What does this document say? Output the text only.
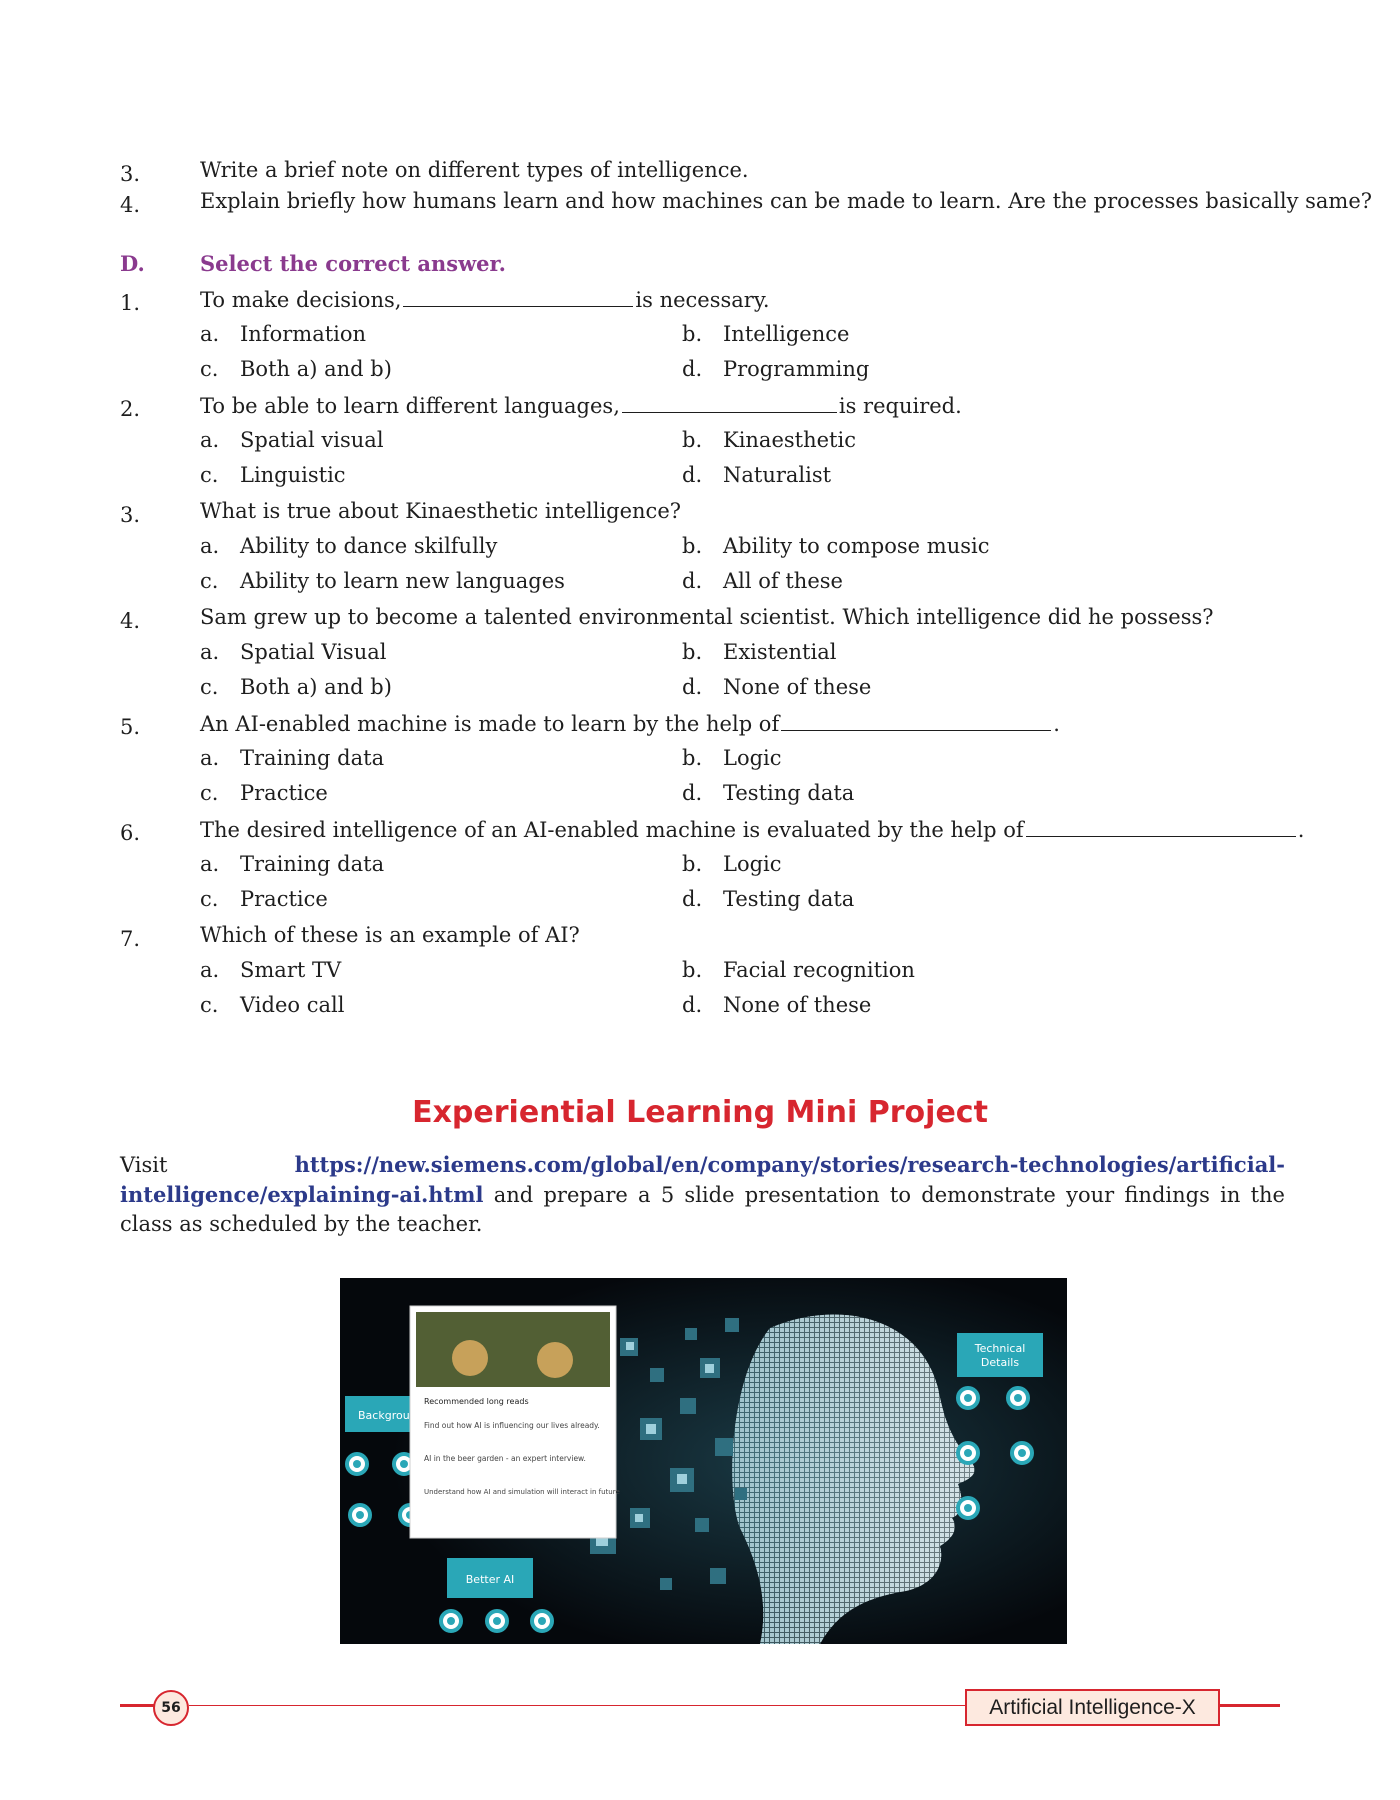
3.	Write a brief note on different types of intelligence.
4.	Explain briefly how humans learn and how machines can be made to learn. Are the processes basically same?
D.	Select the correct answer.
1.	To make decisions,	is necessary.
a. Information	b. Intelligence
c. Both a) and b)	d. Programming
2.	To be able to learn different languages,	is required.
a. Spatial visual	b. Kinaesthetic
c. Linguistic	d. Naturalist
3.	What is true about Kinaesthetic intelligence?
a. Ability to dance skilfully	b. Ability to compose music
c. Ability to learn new languages	d. All of these
4.	Sam grew up to become a talented environmental scientist. Which intelligence did he possess?
a. Spatial Visual	b. Existential
c. Both a) and b)	d. None of these
5.	An AI-enabled machine is made to learn by the help of	.
a. Training data	b. Logic
c. Practice	d. Testing data
6.	The desired intelligence of an AI-enabled machine is evaluated by the help of	.
a. Training data	b. Logic
c. Practice	d. Testing data
7.	Which of these is an example of AI?
a. Smart TV	b. Facial recognition
c. Video call	d. None of these
Experiential Learning Mini Project
Visit	https://new.siemens.com/global/en/company/stories/research-technologies/artificial-intelligence/explaining-ai.html and prepare a 5 slide presentation to demonstrate your findings in the class as scheduled by the teacher.
Backgrou
Technical
Details
Better AI
Recommended long reads
Find out how AI is influencing our lives already.
AI in the beer garden - an expert interview.
Understand how AI and simulation will interact in future
56	Artificial Intelligence-X
